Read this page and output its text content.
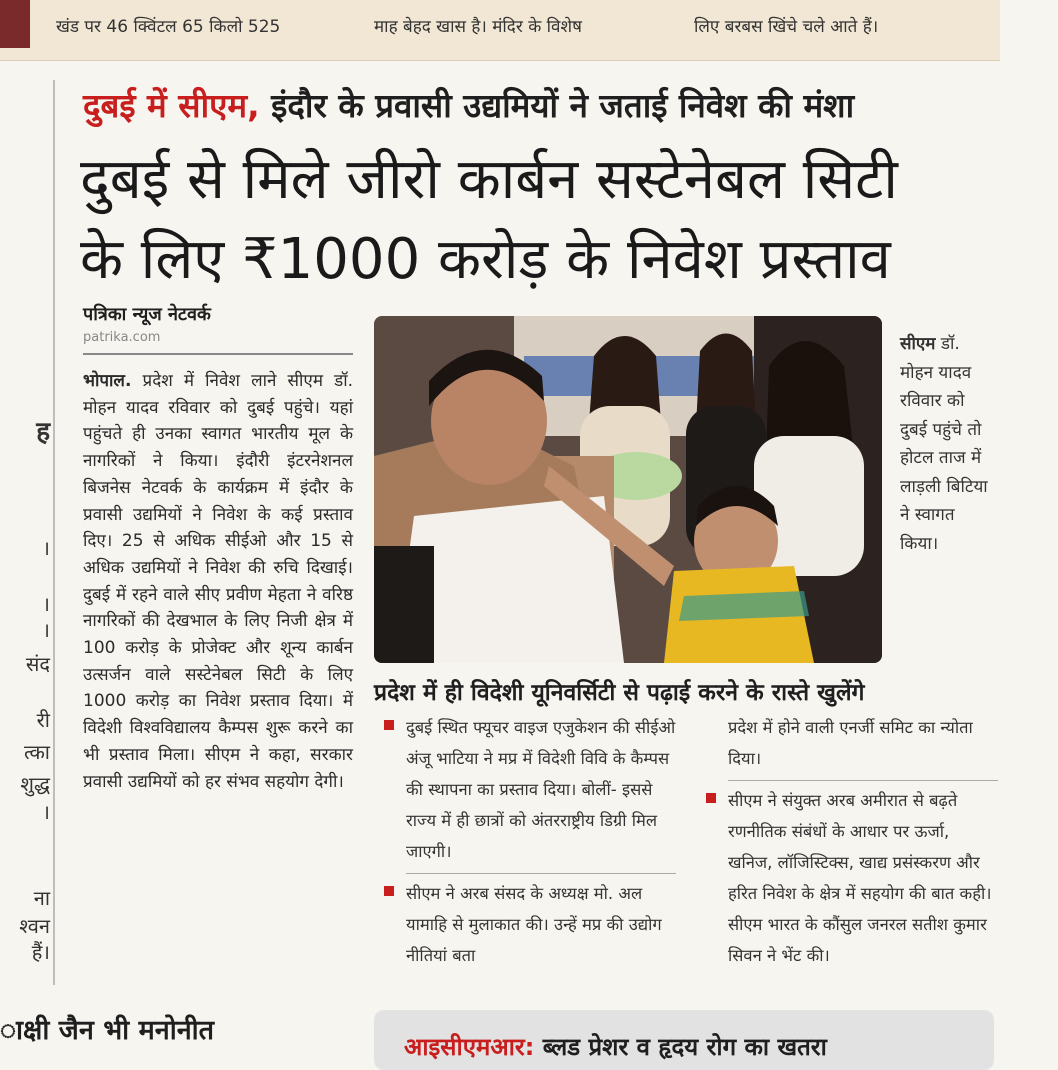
खंड पर 46 क्विंटल 65 किलो 525
	माह बेहद खास है। मंदिर के विशेष
	लिए बरबस खिंचे चले आते हैं।
ह
।
।
।
संद
री
त्का
शुद्ध
।
ना
श्वन
हैं।
दुबई में सीएम, इंदौर के प्रवासी उद्यमियों ने जताई निवेश की मंशा
दुबई से मिले जीरो कार्बन सस्टेनेबल सिटी
के लिए ₹1000 करोड़ के निवेश प्रस्ताव
पत्रिका न्यूज नेटवर्क
patrika.com
भोपाल. प्रदेश में निवेश लाने सीएम डॉ. मोहन यादव रविवार को दुबई पहुंचे। यहां पहुंचते ही उनका स्वागत भारतीय मूल के नागरिकों ने किया। इंदौरी इंटरनेशनल बिजनेस नेटवर्क के कार्यक्रम में इंदौर के प्रवासी उद्यमियों ने निवेश के कई प्रस्ताव दिए। 25 से अधिक सीईओ और 15 से अधिक उद्यमियों ने निवेश की रुचि दिखाई। दुबई में रहने वाले सीए प्रवीण मेहता ने वरिष्ठ नागरिकों की देखभाल के लिए निजी क्षेत्र में 100 करोड़ के प्रोजेक्ट और शून्य कार्बन उत्सर्जन वाले सस्टेनेबल सिटी के लिए 1000 करोड़ का निवेश प्रस्ताव दिया। में विदेशी विश्वविद्यालय कैम्पस शुरू करने का भी प्रस्ताव मिला। सीएम ने कहा, सरकार प्रवासी उद्यमियों को हर संभव सहयोग देगी।
सीएम डॉ. मोहन यादव रविवार को दुबई पहुंचे तो होटल ताज में लाड़ली बिटिया ने स्वागत किया।
प्रदेश में ही विदेशी यूनिवर्सिटी से पढ़ाई करने के रास्ते खुलेंगे
दुबई स्थित फ्यूचर वाइज एजुकेशन की सीईओ अंजू भाटिया ने मप्र में विदेशी विवि के कैम्पस की स्थापना का प्रस्ताव दिया। बोलीं- इससे राज्य में ही छात्रों को अंतरराष्ट्रीय डिग्री मिल जाएगी।
सीएम ने अरब संसद के अध्यक्ष मो. अल यामाहि से मुलाकात की। उन्हें मप्र की उद्योग नीतियां बता
प्रदेश में होने वाली एनर्जी समिट का न्योता दिया।
सीएम ने संयुक्त अरब अमीरात से बढ़ते रणनीतिक संबंधों के आधार पर ऊर्जा, खनिज, लॉजिस्टिक्स, खाद्य प्रसंस्करण और हरित निवेश के क्षेत्र में सहयोग की बात कही। सीएम भारत के कौंसुल जनरल सतीश कुमार सिवन ने भेंट की।
ाक्षी जैन भी मनोनीत
आइसीएमआर: ब्लड प्रेशर व हृदय रोग का खतरा
